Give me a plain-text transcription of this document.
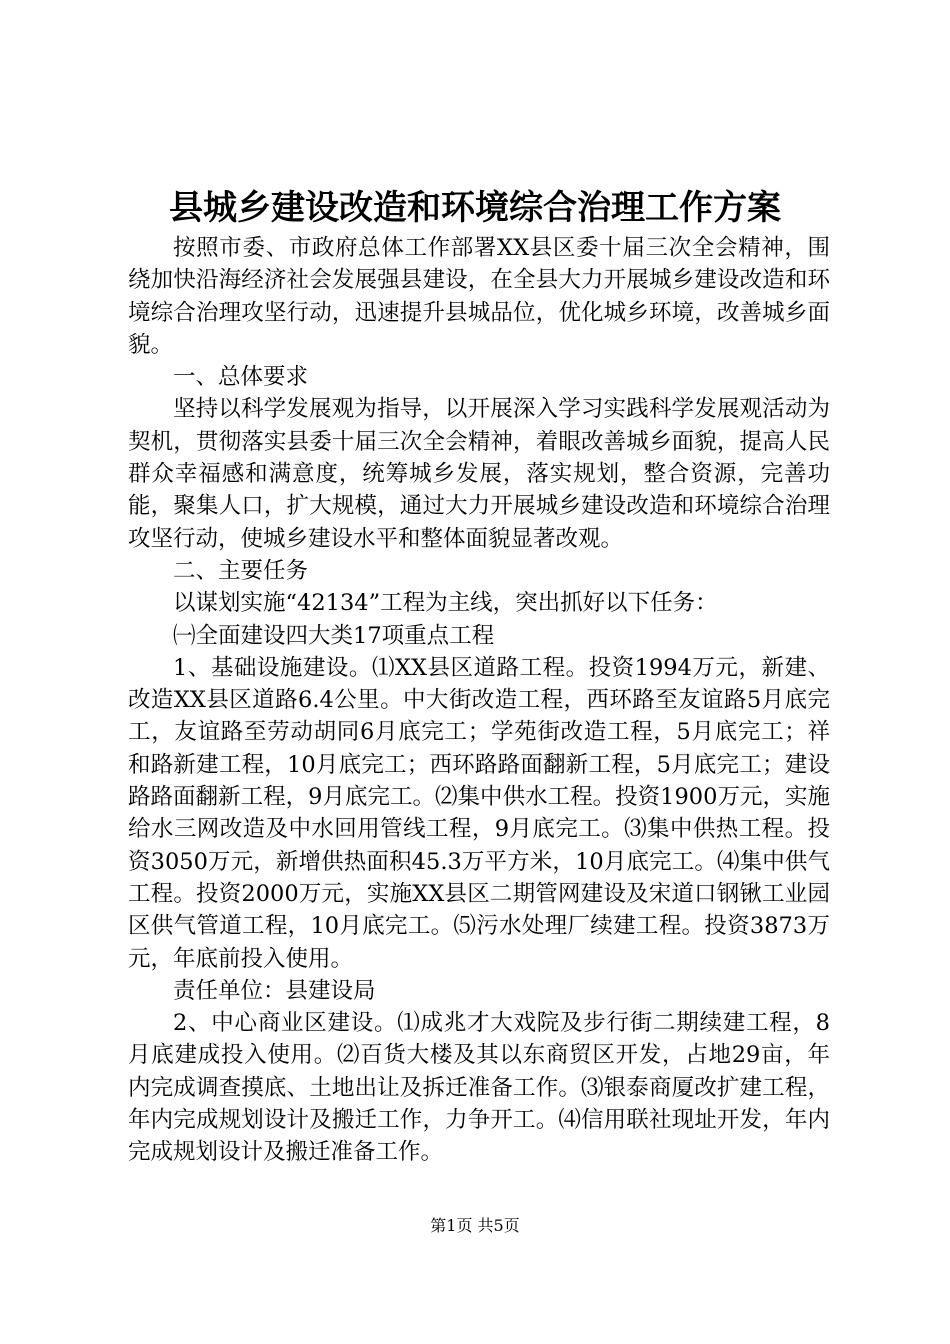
县城乡建设改造和环境综合治理工作方案

按照市委、市政府总体工作部署XX县区委十届三次全会精神，围绕加快沿海经济社会发展强县建设，在全县大力开展城乡建设改造和环境综合治理攻坚行动，迅速提升县城品位，优化城乡环境，改善城乡面貌。

一、总体要求

坚持以科学发展观为指导，以开展深入学习实践科学发展观活动为契机，贯彻落实县委十届三次全会精神，着眼改善城乡面貌，提高人民群众幸福感和满意度，统筹城乡发展，落实规划，整合资源，完善功能，聚集人口，扩大规模，通过大力开展城乡建设改造和环境综合治理攻坚行动，使城乡建设水平和整体面貌显著改观。

二、主要任务

以谋划实施“42134”工程为主线，突出抓好以下任务：

㈠全面建设四大类17项重点工程

1、基础设施建设。⑴XX县区道路工程。投资1994万元，新建、改造XX县区道路6.4公里。中大街改造工程，西环路至友谊路5月底完工，友谊路至劳动胡同6月底完工；学苑街改造工程，5月底完工；祥和路新建工程，10月底完工；西环路路面翻新工程，5月底完工；建设路路面翻新工程，9月底完工。⑵集中供水工程。投资1900万元，实施给水三网改造及中水回用管线工程，9月底完工。⑶集中供热工程。投资3050万元，新增供热面积45.3万平方米，10月底完工。⑷集中供气工程。投资2000万元，实施XX县区二期管网建设及宋道口钢锹工业园区供气管道工程，10月底完工。⑸污水处理厂续建工程。投资3873万元，年底前投入使用。

责任单位：县建设局

2、中心商业区建设。⑴成兆才大戏院及步行街二期续建工程，8月底建成投入使用。⑵百货大楼及其以东商贸区开发，占地29亩，年内完成调查摸底、土地出让及拆迁准备工作。⑶银泰商厦改扩建工程，年内完成规划设计及搬迁工作，力争开工。⑷信用联社现址开发，年内完成规划设计及搬迁准备工作。

第1页 共5页
